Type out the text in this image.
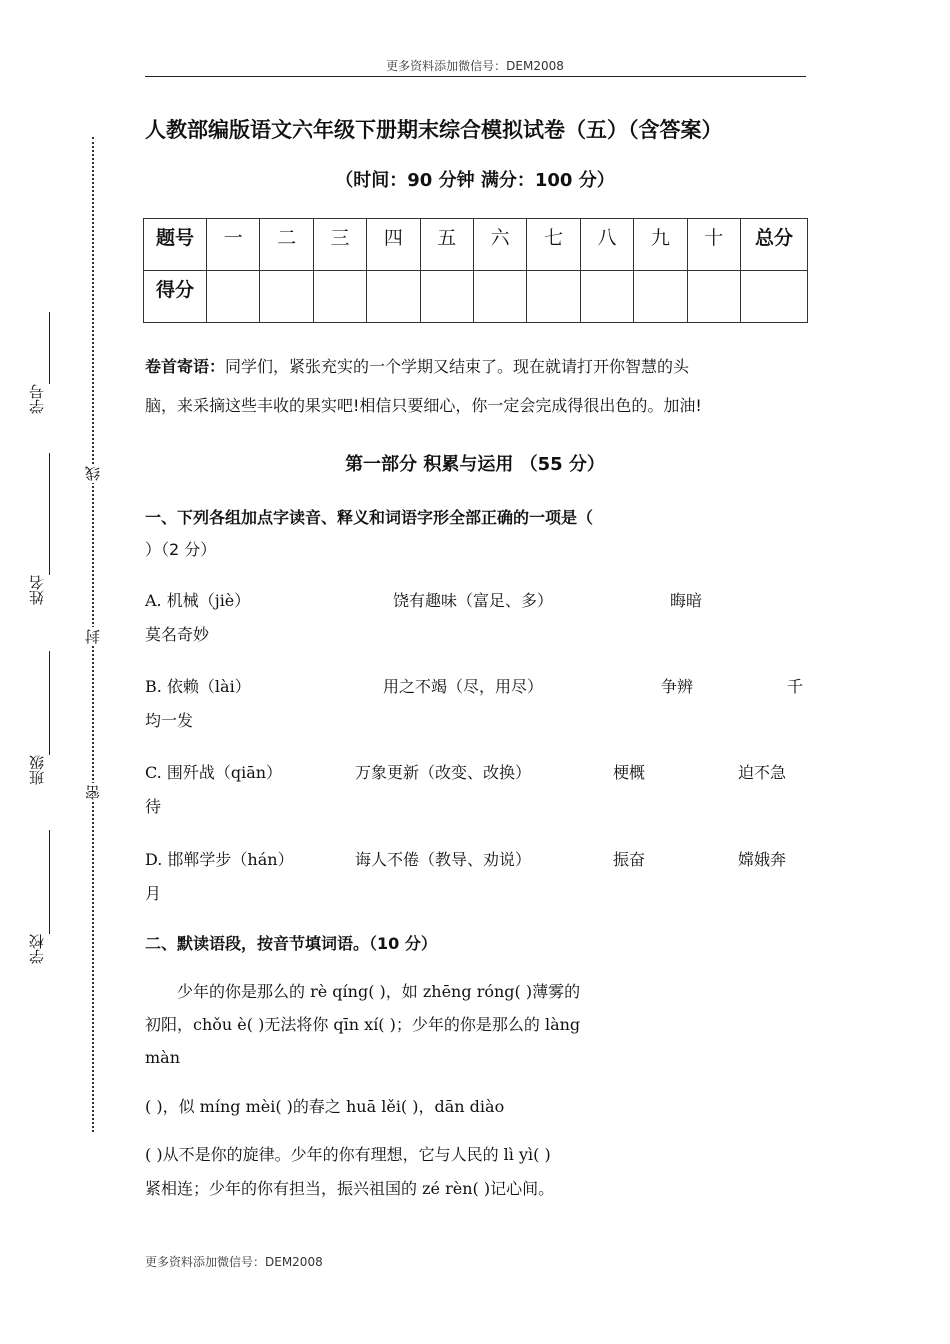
更多资料添加微信号：DEM2008
更多资料添加微信号：DEM2008
学号
姓名
班级
学校
线
封
密
人教部编版语文六年级下册期末综合模拟试卷（五）（含答案）
（时间：90 分钟 满分：100 分）
题号	一	二	三	四	五	六	七	八	九	十	总分
得分											
卷首寄语：同学们，紧张充实的一个学期又结束了。现在就请打开你智慧的头
脑，来采摘这些丰收的果实吧!相信只要细心，你一定会完成得很出色的。加油!
第一部分 积累与运用 （55 分）
一、下列各组加点字读音、释义和词语字形全部正确的一项是（
）（2 分）
A. 机械（jiè）	饶有趣味（富足、多）	晦暗
莫名奇妙
B. 依赖（lài）	用之不竭（尽，用尽）	争辨	千
均一发
C. 围歼战（qiān）	万象更新（改变、改换）	梗概	迫不急
待
D. 邯郸学步（hán）	诲人不倦（教导、劝说）	振奋	嫦娥奔
月
二、默读语段，按音节填词语。（10 分）
　　少年的你是那么的 rè qíng( )，如 zhēng róng( )薄雾的
初阳，chǒu è( )无法将你 qīn xí( )；少年的你是那么的 làng
màn
( )，似 míng mèi( )的春之 huā lěi( )，dān diào
( )从不是你的旋律。少年的你有理想，它与人民的 lì yì( )
紧相连；少年的你有担当，振兴祖国的 zé rèn( )记心间。
